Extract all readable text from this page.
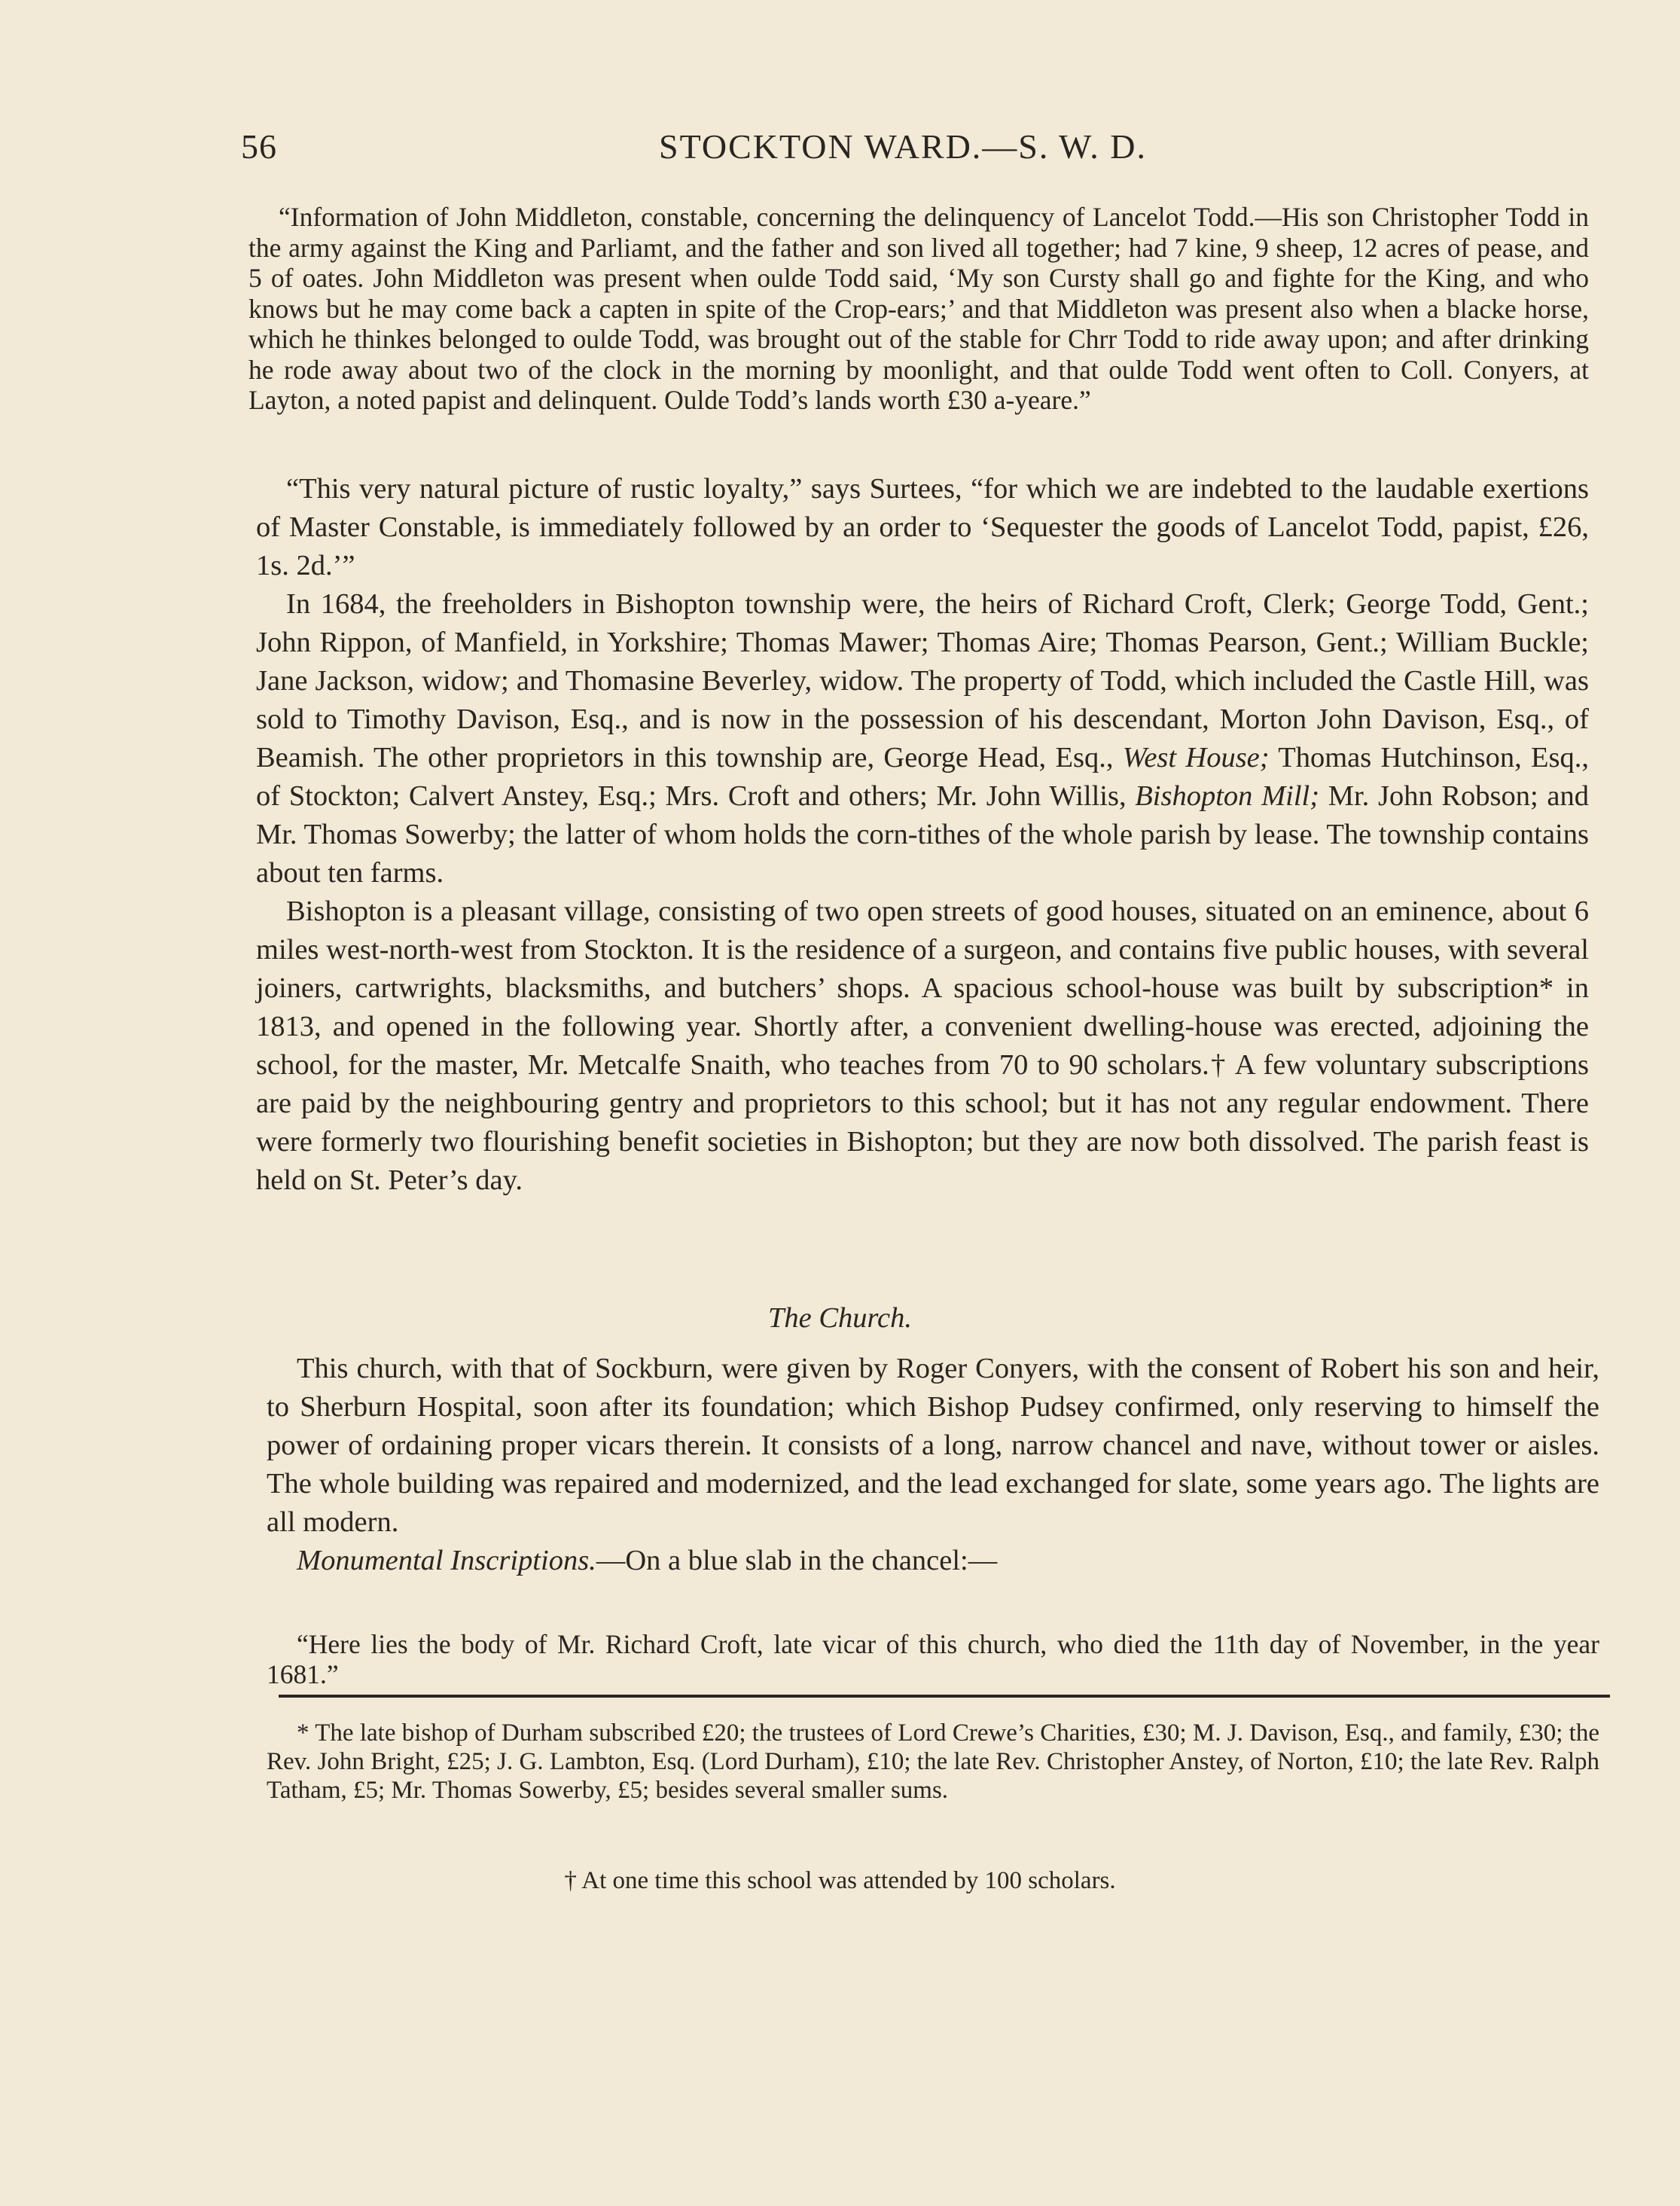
56	STOCKTON WARD.—S. W. D.

“Information of John Middleton, constable, concerning the delinquency of Lancelot Todd.—His son Christopher Todd in the army against the King and Parliamt, and the father and son lived all together; had 7 kine, 9 sheep, 12 acres of pease, and 5 of oates. John Middleton was present when oulde Todd said, ‘My son Cursty shall go and fighte for the King, and who knows but he may come back a capten in spite of the Crop-ears;’ and that Middleton was present also when a blacke horse, which he thinkes belonged to oulde Todd, was brought out of the stable for Chrr Todd to ride away upon; and after drinking he rode away about two of the clock in the morning by moonlight, and that oulde Todd went often to Coll. Conyers, at Layton, a noted papist and delinquent. Oulde Todd’s lands worth £30 a-yeare.”

“This very natural picture of rustic loyalty,” says Surtees, “for which we are indebted to the laudable exertions of Master Constable, is immediately followed by an order to ‘Sequester the goods of Lancelot Todd, papist, £26, 1s. 2d.’”

In 1684, the freeholders in Bishopton township were, the heirs of Richard Croft, Clerk; George Todd, Gent.; John Rippon, of Manfield, in Yorkshire; Thomas Mawer; Thomas Aire; Thomas Pearson, Gent.; William Buckle; Jane Jackson, widow; and Thomasine Beverley, widow. The property of Todd, which included the Castle Hill, was sold to Timothy Davison, Esq., and is now in the possession of his descendant, Morton John Davison, Esq., of Beamish. The other proprietors in this township are, George Head, Esq., West House; Thomas Hutchinson, Esq., of Stockton; Calvert Anstey, Esq.; Mrs. Croft and others; Mr. John Willis, Bishopton Mill; Mr. John Robson; and Mr. Thomas Sowerby; the latter of whom holds the corn-tithes of the whole parish by lease. The township contains about ten farms.

Bishopton is a pleasant village, consisting of two open streets of good houses, situated on an eminence, about 6 miles west-north-west from Stockton. It is the residence of a surgeon, and contains five public houses, with several joiners, cartwrights, blacksmiths, and butchers’ shops. A spacious school-house was built by subscription* in 1813, and opened in the following year. Shortly after, a convenient dwelling-house was erected, adjoining the school, for the master, Mr. Metcalfe Snaith, who teaches from 70 to 90 scholars.† A few voluntary subscriptions are paid by the neighbouring gentry and proprietors to this school; but it has not any regular endowment. There were formerly two flourishing benefit societies in Bishopton; but they are now both dissolved. The parish feast is held on St. Peter’s day.

The Church.

This church, with that of Sockburn, were given by Roger Conyers, with the consent of Robert his son and heir, to Sherburn Hospital, soon after its foundation; which Bishop Pudsey confirmed, only reserving to himself the power of ordaining proper vicars therein. It consists of a long, narrow chancel and nave, without tower or aisles. The whole building was repaired and modernized, and the lead exchanged for slate, some years ago. The lights are all modern.

Monumental Inscriptions.—On a blue slab in the chancel:—

“Here lies the body of Mr. Richard Croft, late vicar of this church, who died the 11th day of November, in the year 1681.”

* The late bishop of Durham subscribed £20; the trustees of Lord Crewe’s Charities, £30; M. J. Davison, Esq., and family, £30; the Rev. John Bright, £25; J. G. Lambton, Esq. (Lord Durham), £10; the late Rev. Christopher Anstey, of Norton, £10; the late Rev. Ralph Tatham, £5; Mr. Thomas Sowerby, £5; besides several smaller sums.

† At one time this school was attended by 100 scholars.
